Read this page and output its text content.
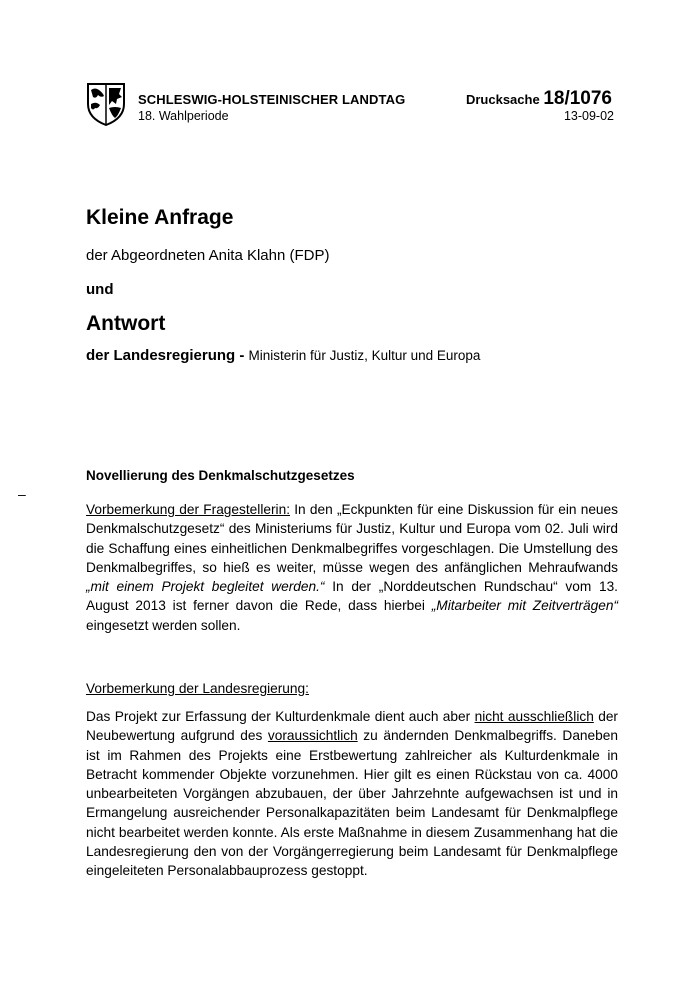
SCHLESWIG-HOLSTEINISCHER LANDTAG
18. Wahlperiode
Drucksache 18/1076
13-09-02
Kleine Anfrage
der Abgeordneten Anita Klahn (FDP)
und
Antwort
der Landesregierung - Ministerin für Justiz, Kultur und Europa
Novellierung des Denkmalschutzgesetzes
–
Vorbemerkung der Fragestellerin: In den „Eckpunkten für eine Diskussion für ein neues Denkmalschutzgesetz“ des Ministeriums für Justiz, Kultur und Europa vom 02. Juli wird die Schaffung eines einheitlichen Denkmalbegriffes vorgeschlagen. Die Umstellung des Denkmalbegriffes, so hieß es weiter, müsse wegen des anfänglichen Mehraufwands „mit einem Projekt begleitet werden.“ In der „Norddeutschen Rundschau“ vom 13. August 2013 ist ferner davon die Rede, dass hierbei „Mitarbeiter mit Zeitverträgen“ eingesetzt werden sollen.
Vorbemerkung der Landesregierung:
Das Projekt zur Erfassung der Kulturdenkmale dient auch aber nicht ausschließlich der Neubewertung aufgrund des voraussichtlich zu ändernden Denkmalbegriffs. Daneben ist im Rahmen des Projekts eine Erstbewertung zahlreicher als Kulturdenkmale in Betracht kommender Objekte vorzunehmen. Hier gilt es einen Rückstau von ca. 4000 unbearbeiteten Vorgängen abzubauen, der über Jahrzehnte aufgewachsen ist und in Ermangelung ausreichender Personalkapazitäten beim Landesamt für Denkmalpflege nicht bearbeitet werden konnte. Als erste Maßnahme in diesem Zusammenhang hat die Landesregierung den von der Vorgängerregierung beim Landesamt für Denkmalpflege eingeleiteten Personalabbauprozess gestoppt.
